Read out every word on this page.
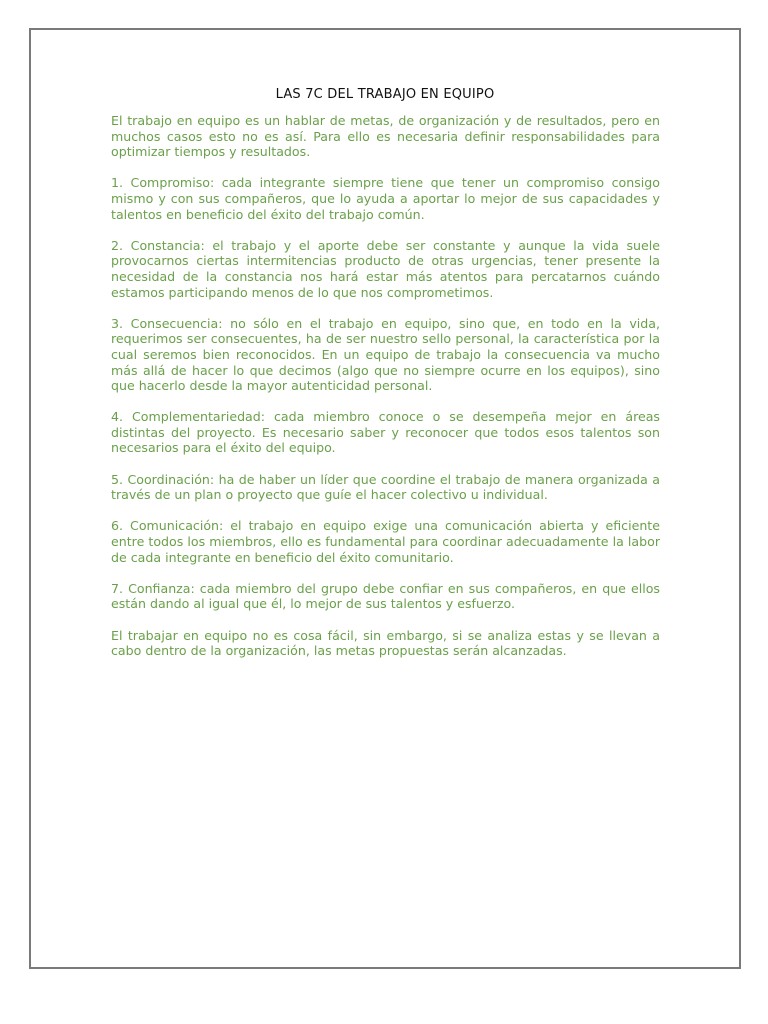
LAS 7C DEL TRABAJO EN EQUIPO

El trabajo en equipo es un hablar de metas, de organización y de resultados, pero en muchos casos esto no es así. Para ello es necesaria definir responsabilidades para optimizar tiempos y resultados.

1. Compromiso: cada integrante siempre tiene que tener un compromiso consigo mismo y con sus compañeros, que lo ayuda a aportar lo mejor de sus capacidades y talentos en beneficio del éxito del trabajo común.

2. Constancia: el trabajo y el aporte debe ser constante y aunque la vida suele provocarnos ciertas intermitencias producto de otras urgencias, tener presente la necesidad de la constancia nos hará estar más atentos para percatarnos cuándo estamos participando menos de lo que nos comprometimos.

3. Consecuencia: no sólo en el trabajo en equipo, sino que, en todo en la vida, requerimos ser consecuentes, ha de ser nuestro sello personal, la característica por la cual seremos bien reconocidos. En un equipo de trabajo la consecuencia va mucho más allá de hacer lo que decimos (algo que no siempre ocurre en los equipos), sino que hacerlo desde la mayor autenticidad personal.

4. Complementariedad: cada miembro conoce o se desempeña mejor en áreas distintas del proyecto. Es necesario saber y reconocer que todos esos talentos son necesarios para el éxito del equipo.

5. Coordinación: ha de haber un líder que coordine el trabajo de manera organizada a través de un plan o proyecto que guíe el hacer colectivo u individual.

6. Comunicación: el trabajo en equipo exige una comunicación abierta y eficiente entre todos los miembros, ello es fundamental para coordinar adecuadamente la labor de cada integrante en beneficio del éxito comunitario.

7. Confianza: cada miembro del grupo debe confiar en sus compañeros, en que ellos están dando al igual que él, lo mejor de sus talentos y esfuerzo.

El trabajar en equipo no es cosa fácil, sin embargo, si se analiza estas y se llevan a cabo dentro de la organización, las metas propuestas serán alcanzadas.
